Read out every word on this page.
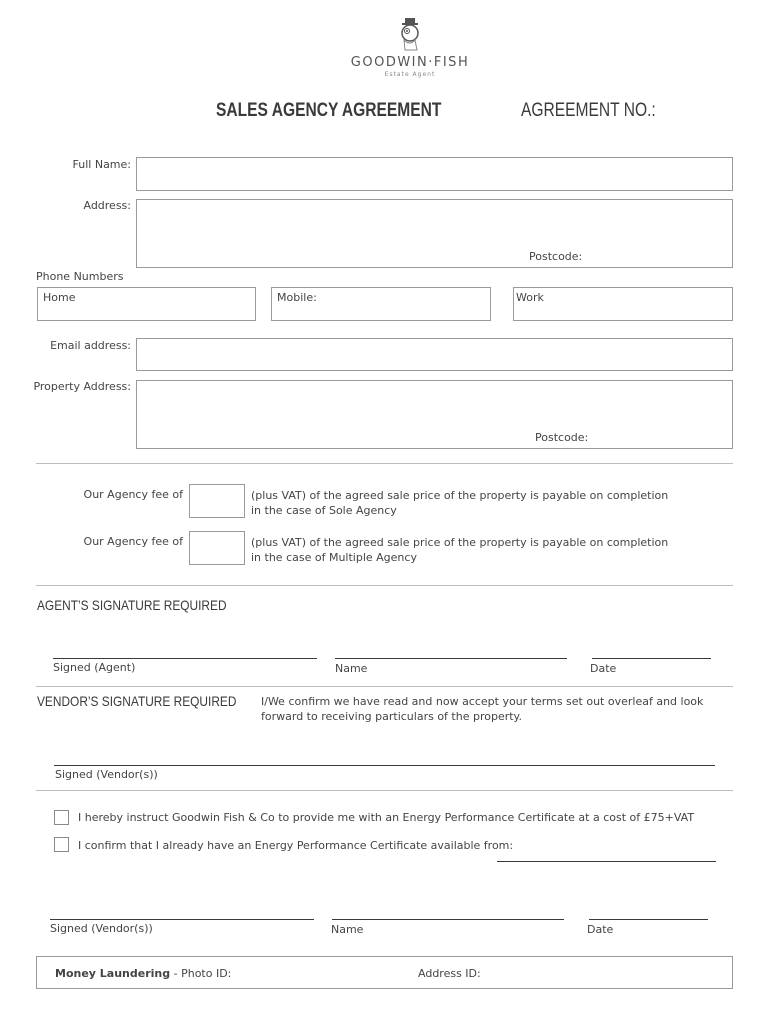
GOODWIN·FISH
Estate Agent
SALES AGENCY AGREEMENT	AGREEMENT NO.:
Full Name:
Address:
Postcode:
Phone Numbers
Home	Mobile:	Work
Email address:
Property Address:
Postcode:
Our Agency fee of	(plus VAT) of the agreed sale price of the property is payable on completion
in the case of Sole Agency
Our Agency fee of	(plus VAT) of the agreed sale price of the property is payable on completion
in the case of Multiple Agency
AGENT’S SIGNATURE REQUIRED
Signed (Agent)	Name	Date
VENDOR’S SIGNATURE REQUIRED I/We confirm we have read and now accept your terms set out overleaf and look
forward to receiving particulars of the property.
Signed (Vendor(s))
I hereby instruct Goodwin Fish & Co to provide me with an Energy Performance Certificate at a cost of £75+VAT
I confirm that I already have an Energy Performance Certificate available from:
Signed (Vendor(s))	Name	Date
Money Laundering - Photo ID:	Address ID:
